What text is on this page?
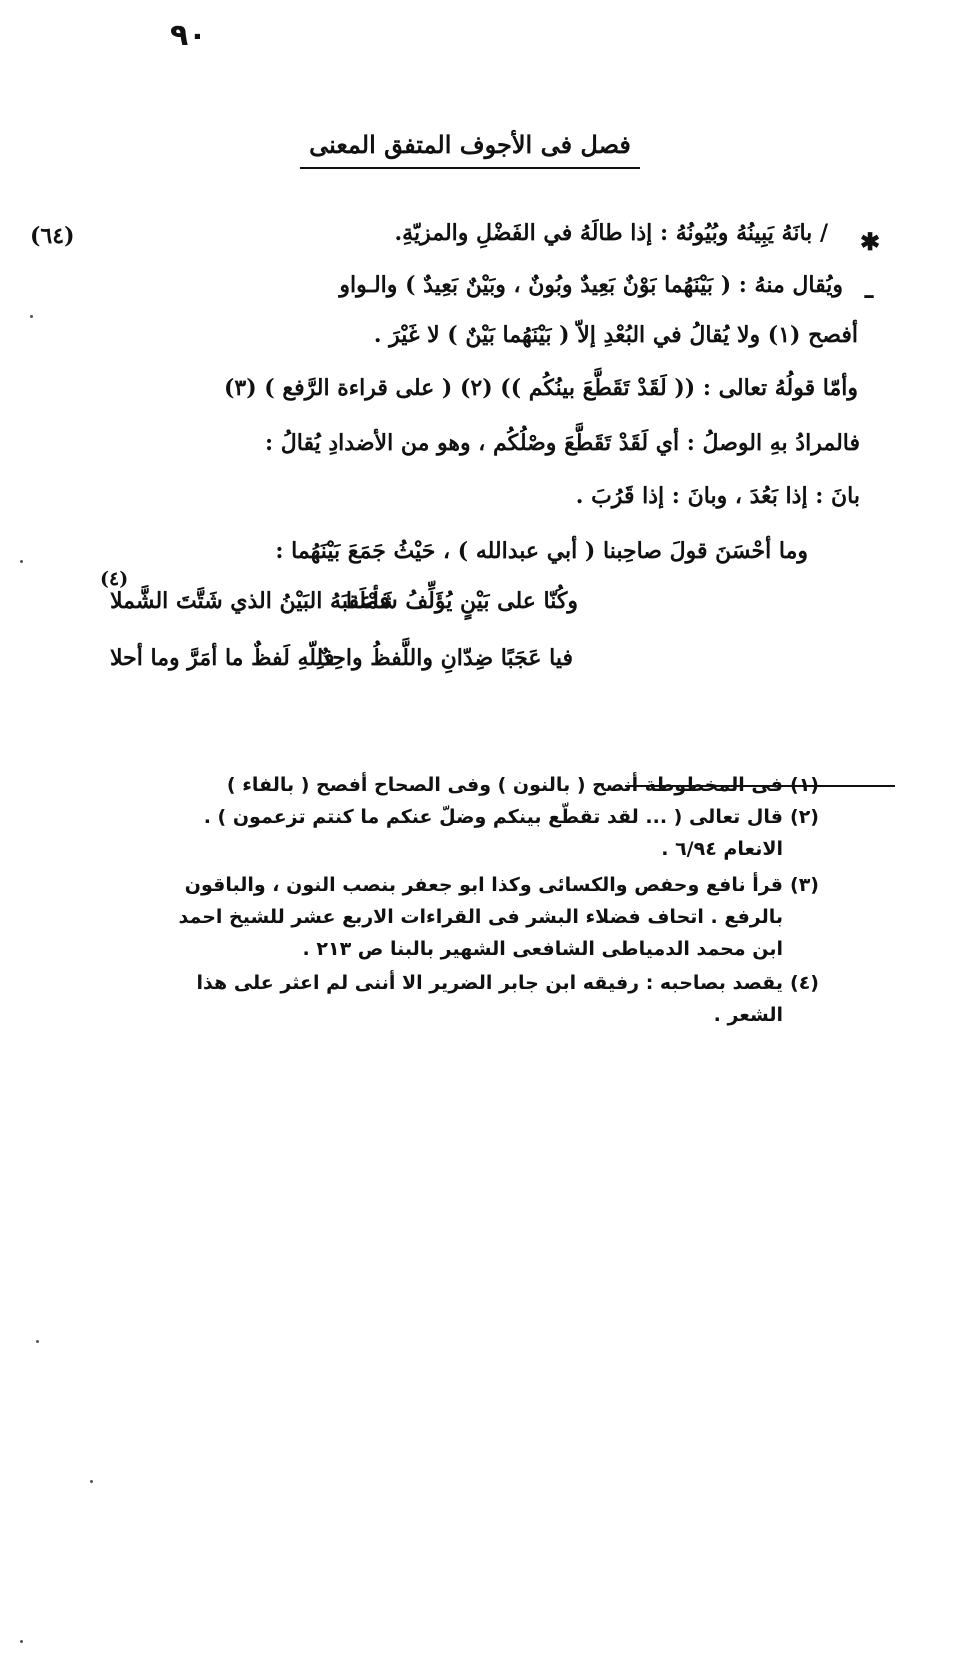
٩٠
فصل فى الأجوف المتفق المعنى
✱
(٦٤)	/ بانَهُ يَبِينُهُ وبُيُونُهُ : إذا طالَهُ في الفَضْلِ والمزيّةِ.
–
ويُقال منهُ : ( بَيْنَهُما بَوْنٌ بَعِيدٌ وبُونٌ ، وبَيْنٌ بَعِيدٌ ) والـواو
أفصح (١) ولا يُقالُ في البُعْدِ إلاّ ( بَيْنَهُما بَيْنٌ ) لا غَيْرَ .
وأمّا قولُهُ تعالى : (( لَقَدْ تَقَطَّعَ بينُكُم )) (٢) ( على قراءة الرَّفع ) (٣)
فالمرادُ بهِ الوصلُ : أي لَقَدْ تَقَطَّعَ وصْلُكُم ، وهو من الأضدادِ يُقالُ :
بانَ : إذا بَعُدَ ، وبانَ : إذا قَرُبَ .
وما أحْسَنَ قولَ صاحِبنا ( أبي عبدالله ) ، حَيْثُ جَمَعَ بَيْنَهُما :
(٤)
وكُنّا على بَيْنٍ يُؤَلِّفُ شَمْلَنا
فأعقبَهُ البَيْنُ الذي شَتَّتَ الشَّملا
فيا عَجَبًا ضِدّانِ واللَّفظُ واحِدٌ
فلِلّهِ لَفظٌ ما أمَرَّ وما أحلا
(١)
فى المخطوطة أنصح ( بالنون ) وفى الصحاح أفصح ( بالفاء )
(٢)
قال تعالى ( ... لقد تقطّع بينكم وضلّ عنكم ما كنتم تزعمون ) .
الانعام ٦/٩٤ .
(٣)
قرأ نافع وحفص والكسائى وكذا ابو جعفر بنصب النون ، والباقون
بالرفع . اتحاف فضلاء البشر فى القراءات الاربع عشر للشيخ احمد
ابن محمد الدمياطى الشافعى الشهير بالبنا ص ٢١٣ .
(٤)
يقصد بصاحبه : رفيقه ابن جابر الضرير الا أننى لم اعثر على هذا
الشعر .
